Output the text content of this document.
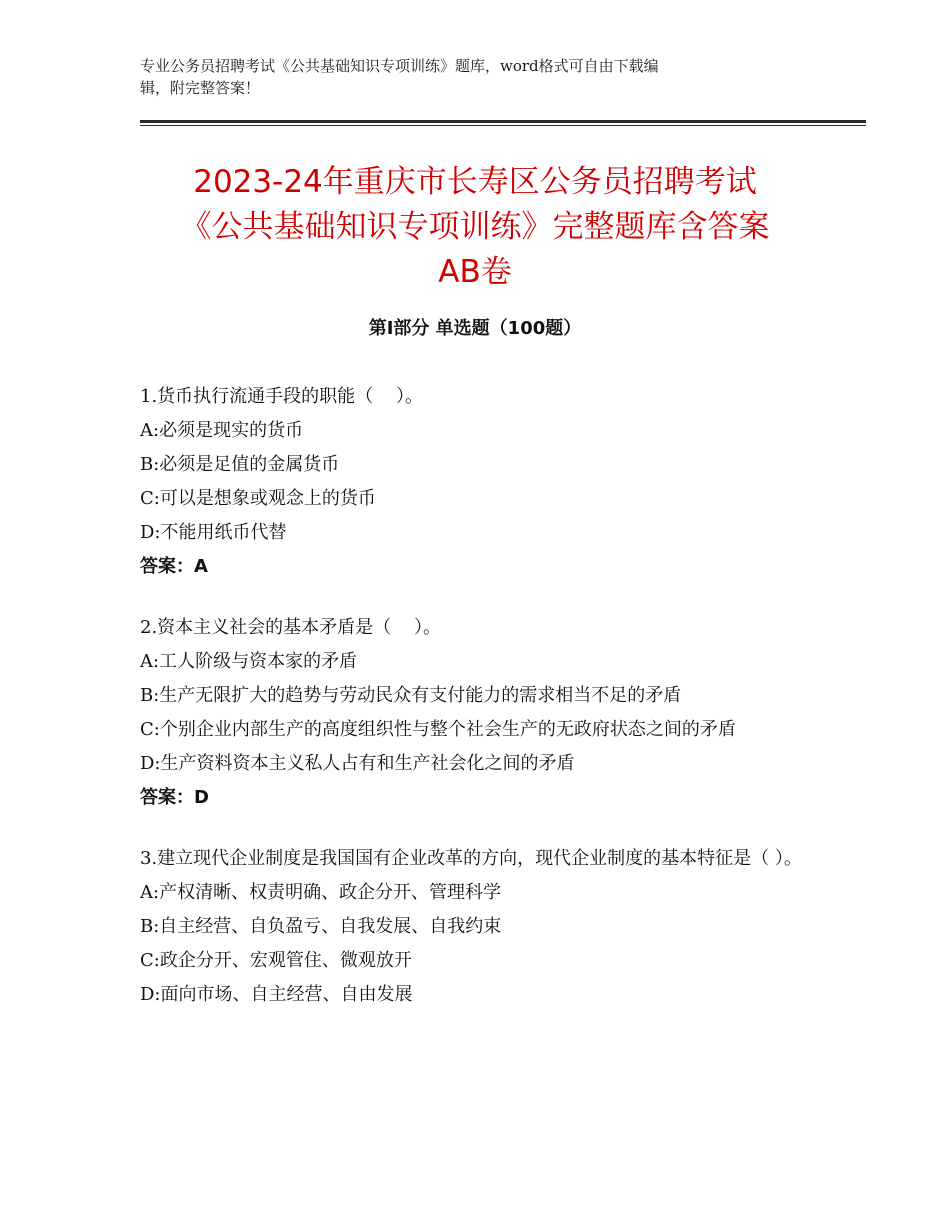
专业公务员招聘考试《公共基础知识专项训练》题库，word格式可自由下载编
辑，附完整答案！
2023-24年重庆市长寿区公务员招聘考试
《公共基础知识专项训练》完整题库含答案
AB卷
第Ⅰ部分 单选题（100题）
1.货币执行流通手段的职能（    ）。
A:必须是现实的货币
B:必须是足值的金属货币
C:可以是想象或观念上的货币
D:不能用纸币代替
答案：A
2.资本主义社会的基本矛盾是（    ）。
A:工人阶级与资本家的矛盾
B:生产无限扩大的趋势与劳动民众有支付能力的需求相当不足的矛盾
C:个别企业内部生产的高度组织性与整个社会生产的无政府状态之间的矛盾
D:生产资料资本主义私人占有和生产社会化之间的矛盾
答案：D
3.建立现代企业制度是我国国有企业改革的方向，现代企业制度的基本特征是（ ）。
A:产权清晰、权责明确、政企分开、管理科学
B:自主经营、自负盈亏、自我发展、自我约束
C:政企分开、宏观管住、微观放开
D:面向市场、自主经营、自由发展
